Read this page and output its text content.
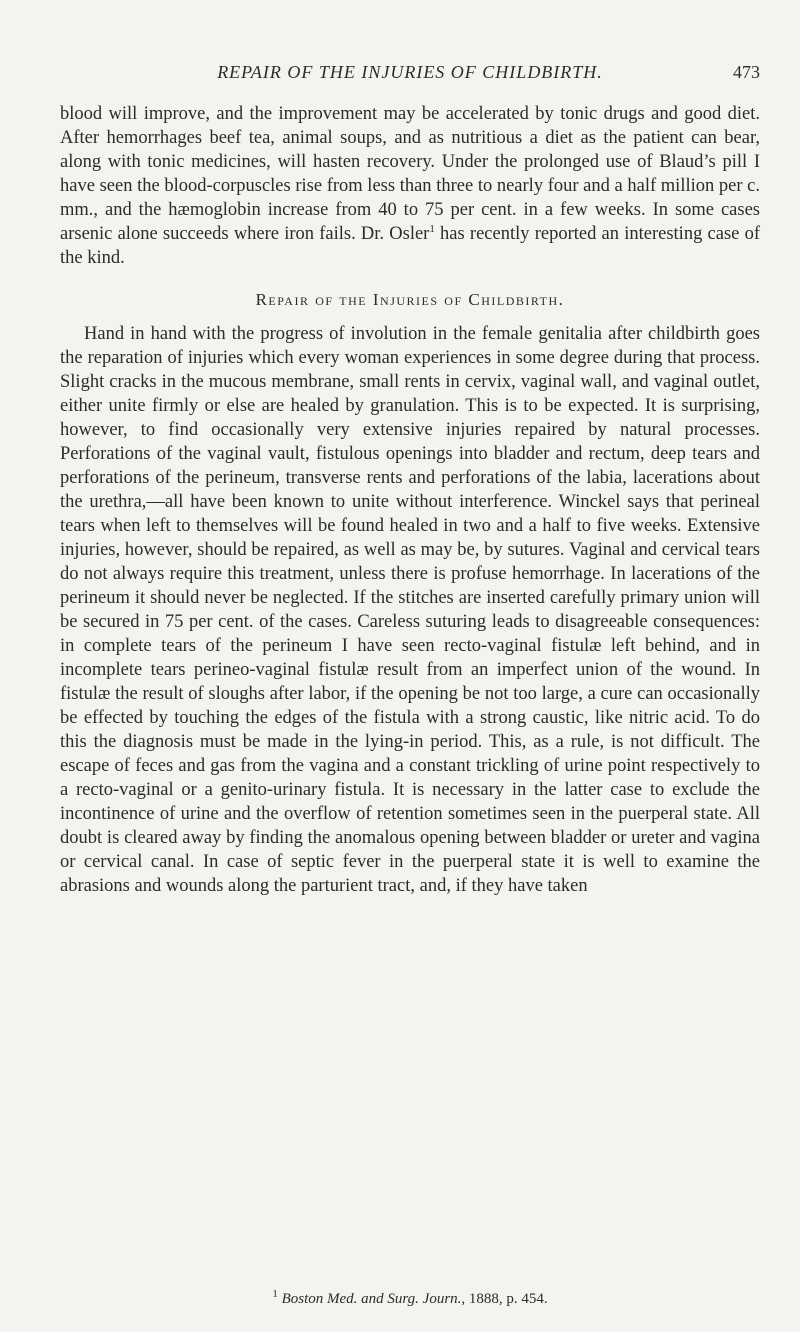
REPAIR OF THE INJURIES OF CHILDBIRTH.	473

blood will improve, and the improvement may be accelerated by tonic drugs and good diet. After hemorrhages beef tea, animal soups, and as nutritious a diet as the patient can bear, along with tonic medicines, will hasten recovery. Under the prolonged use of Blaud’s pill I have seen the blood-corpuscles rise from less than three to nearly four and a half million per c. mm., and the hæmoglobin increase from 40 to 75 per cent. in a few weeks. In some cases arsenic alone succeeds where iron fails. Dr. Osler$^1$ has recently reported an interesting case of the kind.

Repair of the Injuries of Childbirth.

Hand in hand with the progress of involution in the female genitalia after childbirth goes the reparation of injuries which every woman experiences in some degree during that process. Slight cracks in the mucous membrane, small rents in cervix, vaginal wall, and vaginal outlet, either unite firmly or else are healed by granulation. This is to be expected. It is surprising, however, to find occasionally very extensive injuries repaired by natural processes. Perforations of the vaginal vault, fistulous openings into bladder and rectum, deep tears and perforations of the perineum, transverse rents and perforations of the labia, lacerations about the urethra,—all have been known to unite without interference. Winckel says that perineal tears when left to themselves will be found healed in two and a half to five weeks. Extensive injuries, however, should be repaired, as well as may be, by sutures. Vaginal and cervical tears do not always require this treatment, unless there is profuse hemorrhage. In lacerations of the perineum it should never be neglected. If the stitches are inserted carefully primary union will be secured in 75 per cent. of the cases. Careless suturing leads to disagreeable consequences: in complete tears of the perineum I have seen recto-vaginal fistulæ left behind, and in incomplete tears perineo-vaginal fistulæ result from an imperfect union of the wound. In fistulæ the result of sloughs after labor, if the opening be not too large, a cure can occasionally be effected by touching the edges of the fistula with a strong caustic, like nitric acid. To do this the diagnosis must be made in the lying-in period. This, as a rule, is not difficult. The escape of feces and gas from the vagina and a constant trickling of urine point respectively to a recto-vaginal or a genito-urinary fistula. It is necessary in the latter case to exclude the incontinence of urine and the overflow of retention sometimes seen in the puerperal state. All doubt is cleared away by finding the anomalous opening between bladder or ureter and vagina or cervical canal. In case of septic fever in the puerperal state it is well to examine the abrasions and wounds along the parturient tract, and, if they have taken

$^1$ Boston Med. and Surg. Journ., 1888, p. 454.
